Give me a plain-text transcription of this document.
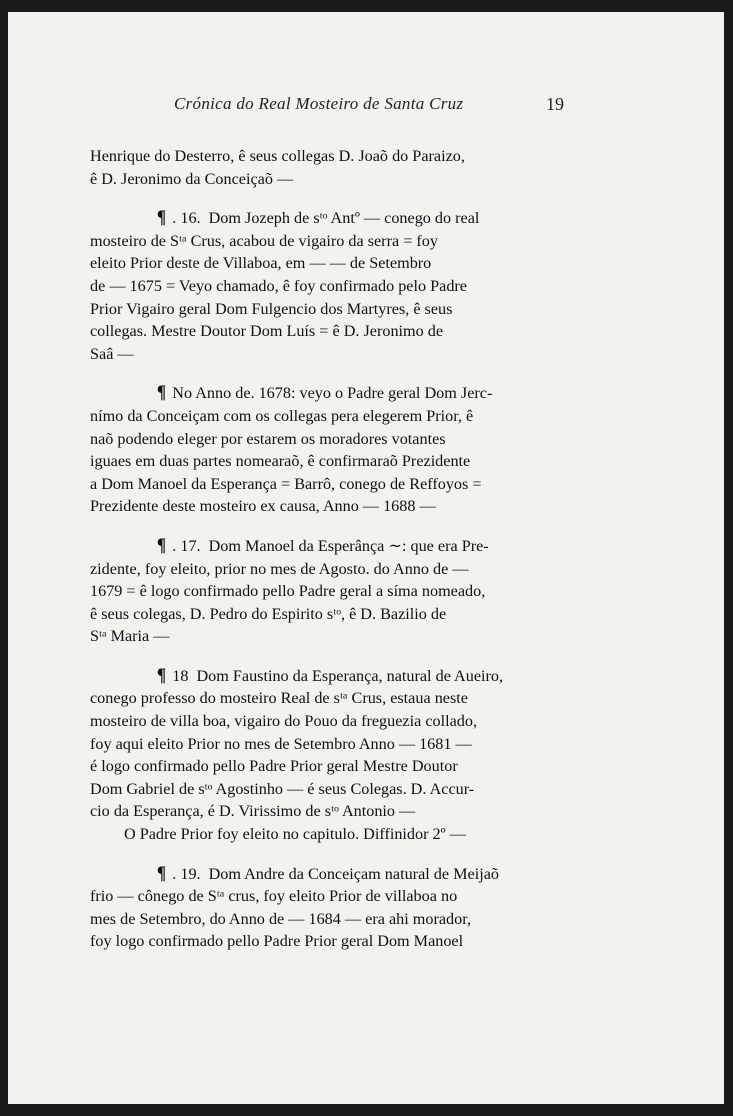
Crónica do Real Mosteiro de Santa Cruz	19

Henrique do Desterro, ê seus collegas D. Joaõ do Paraizo,
ê D. Jeronimo da Conceiçaõ —

¶ . 16. Dom Jozeph de sᵗᵒ Antº — conego do real
mosteiro de Sᵗᵃ Crus, acabou de vigairo da serra = foy
eleito Prior deste de Villaboa, em — — de Setembro
de — 1675 = Veyo chamado, ê foy confirmado pelo Padre
Prior Vigairo geral Dom Fulgencio dos Martyres, ê seus
collegas. Mestre Doutor Dom Luís = ê D. Jeronimo de
Saâ —

¶ No Anno de. 1678: veyo o Padre geral Dom Jerc-
nímo da Conceiçam com os collegas pera elegerem Prior, ê
naõ podendo eleger por estarem os moradores votantes
iguaes em duas partes nomearaõ, ê confirmaraõ Prezidente
a Dom Manoel da Esperança = Barrô, conego de Reffoyos =
Prezidente deste mosteiro ex causa, Anno — 1688 —

¶ . 17. Dom Manoel da Esperânça ∼: que era Pre-
zidente, foy eleito, prior no mes de Agosto. do Anno de —
1679 = ê logo confirmado pello Padre geral a síma nomeado,
ê seus colegas, D. Pedro do Espirito sᵗᵒ, ê D. Bazilio de
Sᵗᵃ Maria —

¶ 18 Dom Faustino da Esperança, natural de Aueiro,
conego professo do mosteiro Real de sᵗᵃ Crus, estaua neste
mosteiro de villa boa, vigairo do Pouo da freguezia collado,
foy aqui eleito Prior no mes de Setembro Anno — 1681 —
é logo confirmado pello Padre Prior geral Mestre Doutor
Dom Gabriel de sᵗᵒ Agostinho — é seus Colegas. D. Accur-
cio da Esperança, é D. Virissimo de sᵗᵒ Antonio —

O Padre Prior foy eleito no capitulo. Diffinidor 2º —

¶ . 19. Dom Andre da Conceiçam natural de Meijaõ
frio — cônego de Sᵗᵃ crus, foy eleito Prior de villaboa no
mes de Setembro, do Anno de — 1684 — era ahi morador,
foy logo confirmado pello Padre Prior geral Dom Manoel
